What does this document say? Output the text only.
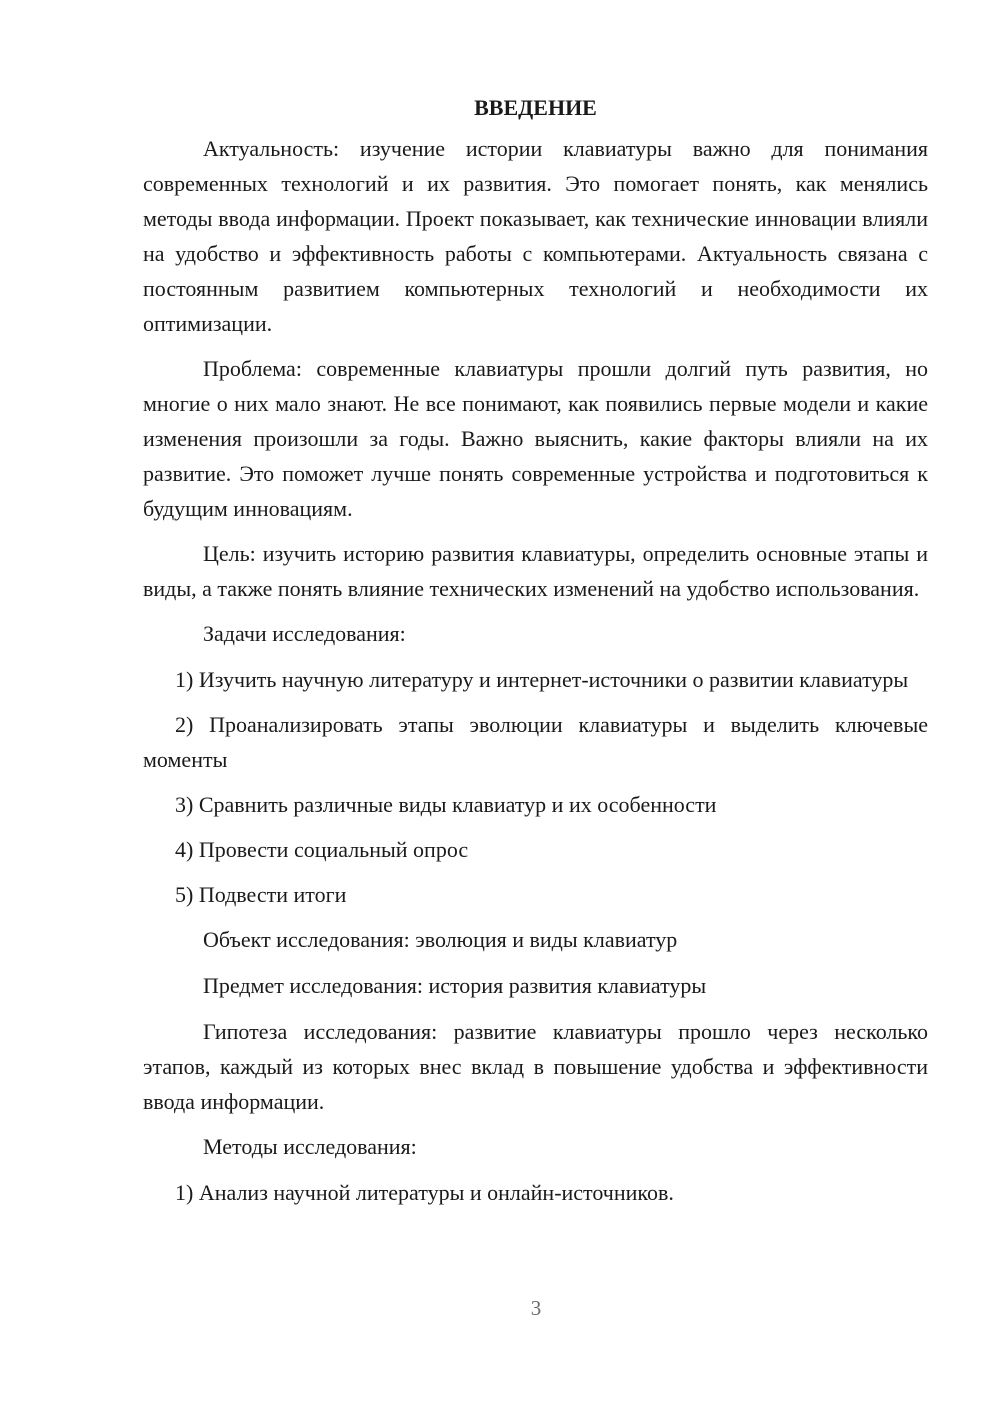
ВВЕДЕНИЕ

Актуальность: изучение истории клавиатуры важно для понимания современных технологий и их развития. Это помогает понять, как менялись методы ввода информации. Проект показывает, как технические инновации влияли на удобство и эффективность работы с компьютерами. Актуальность связана с постоянным развитием компьютерных технологий и необходимости их оптимизации.

Проблема: современные клавиатуры прошли долгий путь развития, но многие о них мало знают. Не все понимают, как появились первые модели и какие изменения произошли за годы. Важно выяснить, какие факторы влияли на их развитие. Это поможет лучше понять современные устройства и подготовиться к будущим инновациям.

Цель: изучить историю развития клавиатуры, определить основные этапы и виды, а также понять влияние технических изменений на удобство использования.

Задачи исследования:

1) Изучить научную литературу и интернет-источники о развитии клавиатуры

2) Проанализировать этапы эволюции клавиатуры и выделить ключевые моменты

3) Сравнить различные виды клавиатур и их особенности

4) Провести социальный опрос

5) Подвести итоги

Объект исследования: эволюция и виды клавиатур

Предмет исследования: история развития клавиатуры

Гипотеза исследования: развитие клавиатуры прошло через несколько этапов, каждый из которых внес вклад в повышение удобства и эффективности ввода информации.

Методы исследования:

1) Анализ научной литературы и онлайн-источников.

3
